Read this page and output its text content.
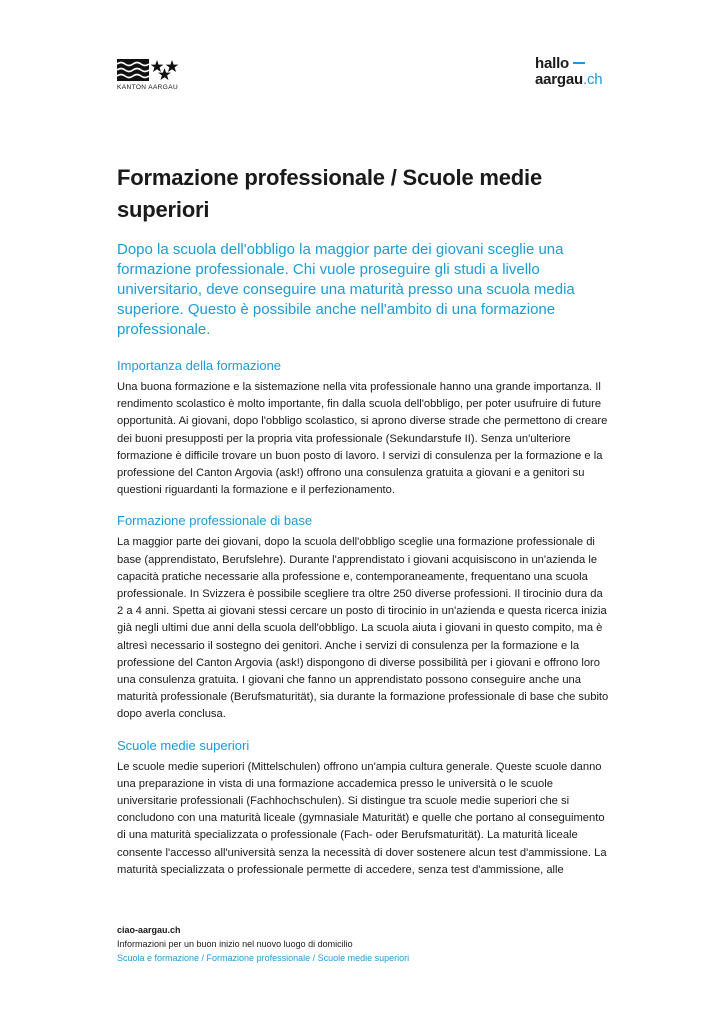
KANTON AARGAU
hallo
aargau.ch
Formazione professionale / Scuole medie superiori

Dopo la scuola dell'obbligo la maggior parte dei giovani sceglie una formazione professionale. Chi vuole proseguire gli studi a livello universitario, deve conseguire una maturità presso una scuola media superiore. Questo è possibile anche nell'ambito di una formazione professionale.

Importanza della formazione

Una buona formazione e la sistemazione nella vita professionale hanno una grande importanza. Il rendimento scolastico è molto importante, fin dalla scuola dell'obbligo, per poter usufruire di future opportunità. Ai giovani, dopo l'obbligo scolastico, si aprono diverse strade che permettono di creare dei buoni presupposti per la propria vita professionale (Sekundarstufe II). Senza un'ulteriore formazione è difficile trovare un buon posto di lavoro. I servizi di consulenza per la formazione e la professione del Canton Argovia (ask!) offrono una consulenza gratuita a giovani e a genitori su questioni riguardanti la formazione e il perfezionamento.

Formazione professionale di base

La maggior parte dei giovani, dopo la scuola dell'obbligo sceglie una formazione professionale di base (apprendistato, Berufslehre). Durante l'apprendistato i giovani acquisiscono in un'azienda le capacità pratiche necessarie alla professione e, contemporaneamente, frequentano una scuola professionale. In Svizzera è possibile scegliere tra oltre 250 diverse professioni. Il tirocinio dura da 2 a 4 anni. Spetta ai giovani stessi cercare un posto di tirocinio in un'azienda e questa ricerca inizia già negli ultimi due anni della scuola dell'obbligo. La scuola aiuta i giovani in questo compito, ma è altresì necessario il sostegno dei genitori. Anche i servizi di consulenza per la formazione e la professione del Canton Argovia (ask!) dispongono di diverse possibilità per i giovani e offrono loro una consulenza gratuita. I giovani che fanno un apprendistato possono conseguire anche una maturità professionale (Berufsmaturität), sia durante la formazione professionale di base che subito dopo averla conclusa.

Scuole medie superiori

Le scuole medie superiori (Mittelschulen) offrono un'ampia cultura generale. Queste scuole danno una preparazione in vista di una formazione accademica presso le università o le scuole universitarie professionali (Fachhochschulen). Si distingue tra scuole medie superiori che si concludono con una maturità liceale (gymnasiale Maturität) e quelle che portano al conseguimento di una maturità specializzata o professionale (Fach- oder Berufsmaturität). La maturità liceale consente l'accesso all'università senza la necessità di dover sostenere alcun test d'ammissione. La maturità specializzata o professionale permette di accedere, senza test d'ammissione, alle

ciao-aargau.ch
Informazioni per un buon inizio nel nuovo luogo di domicilio
Scuola e formazione / Formazione professionale / Scuole medie superiori
